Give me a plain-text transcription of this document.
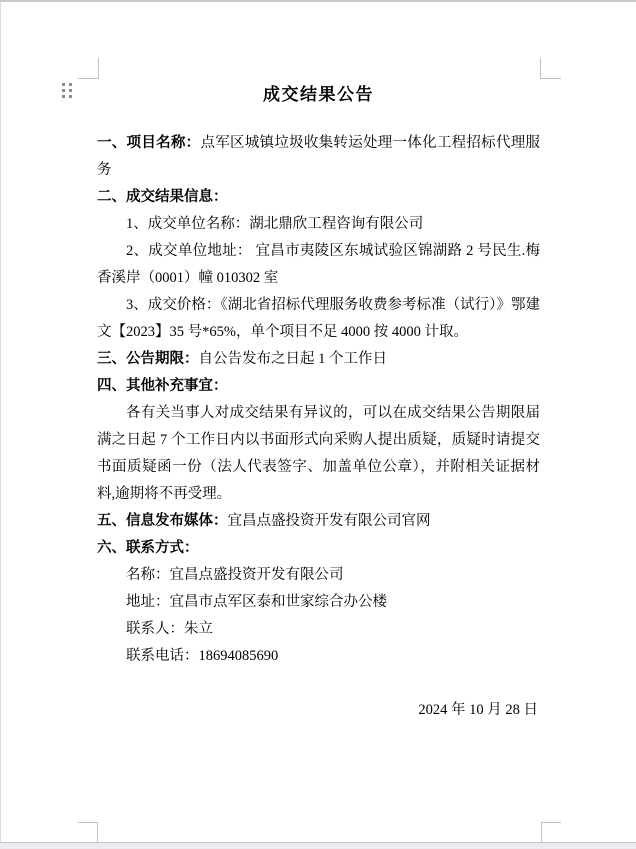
成交结果公告

一、项目名称：点军区城镇垃圾收集转运处理一体化工程招标代理服务

二、成交结果信息：

1、成交单位名称：湖北鼎欣工程咨询有限公司

2、成交单位地址： 宜昌市夷陵区东城试验区锦湖路 2 号民生.梅香溪岸（0001）幢 010302 室

3、成交价格：《湖北省招标代理服务收费参考标准（试行）》鄂建文【2023】35 号*65%，单个项目不足 4000 按 4000 计取。

三、公告期限：自公告发布之日起 1 个工作日

四、其他补充事宜：

各有关当事人对成交结果有异议的，可以在成交结果公告期限届满之日起 7 个工作日内以书面形式向采购人提出质疑，质疑时请提交书面质疑函一份（法人代表签字、加盖单位公章），并附相关证据材料,逾期将不再受理。

五、信息发布媒体：宜昌点盛投资开发有限公司官网

六、联系方式：

名称：宜昌点盛投资开发有限公司

地址：宜昌市点军区泰和世家综合办公楼

联系人：朱立

联系电话：18694085690

2024 年 10 月 28 日
